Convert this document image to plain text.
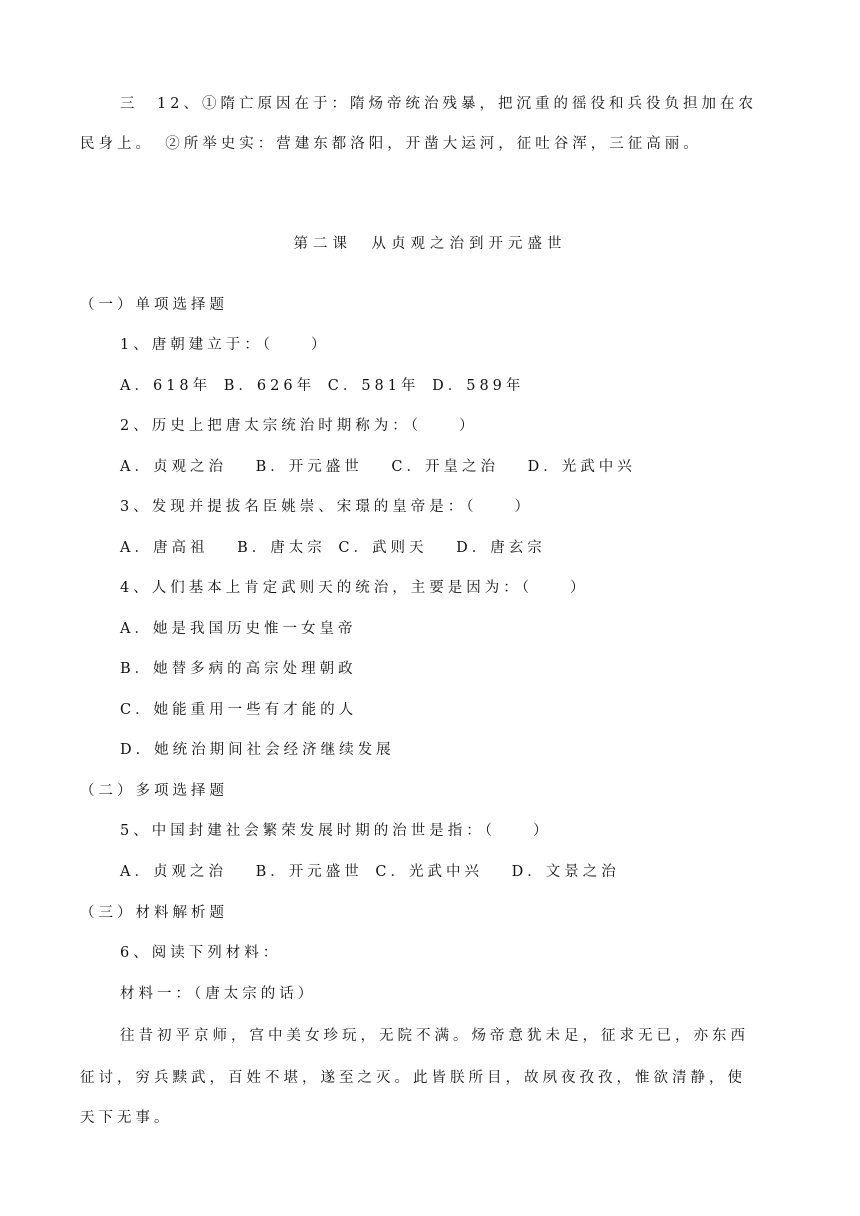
三　12、①隋亡原因在于：隋炀帝统治残暴，把沉重的徭役和兵役负担加在农
民身上。　②所举史实：营建东都洛阳，开凿大运河，征吐谷浑，三征高丽。
第二课　从贞观之治到开元盛世
（一）单项选择题
1、唐朝建立于：（　　）
A．618年 B．626年 C．581年 D．589年
2、历史上把唐太宗统治时期称为：（　　）
A．贞观之治 B．开元盛世 C．开皇之治 D．光武中兴
3、发现并提拔名臣姚崇、宋璟的皇帝是：（　　）
A．唐高祖 B．唐太宗 C．武则天 D．唐玄宗
4、人们基本上肯定武则天的统治，主要是因为：（　　）
A．她是我国历史惟一女皇帝
B．她替多病的高宗处理朝政
C．她能重用一些有才能的人
D．她统治期间社会经济继续发展
（二）多项选择题
5、中国封建社会繁荣发展时期的治世是指：（　　）
A．贞观之治 B．开元盛世 C．光武中兴 D．文景之治
（三）材料解析题
6、阅读下列材料：
材料一：（唐太宗的话）
往昔初平京师，宫中美女珍玩，无院不满。炀帝意犹未足，征求无已，亦东西
征讨，穷兵黩武，百姓不堪，遂至之灭。此皆朕所目，故夙夜孜孜，惟欲清静，使
天下无事。
